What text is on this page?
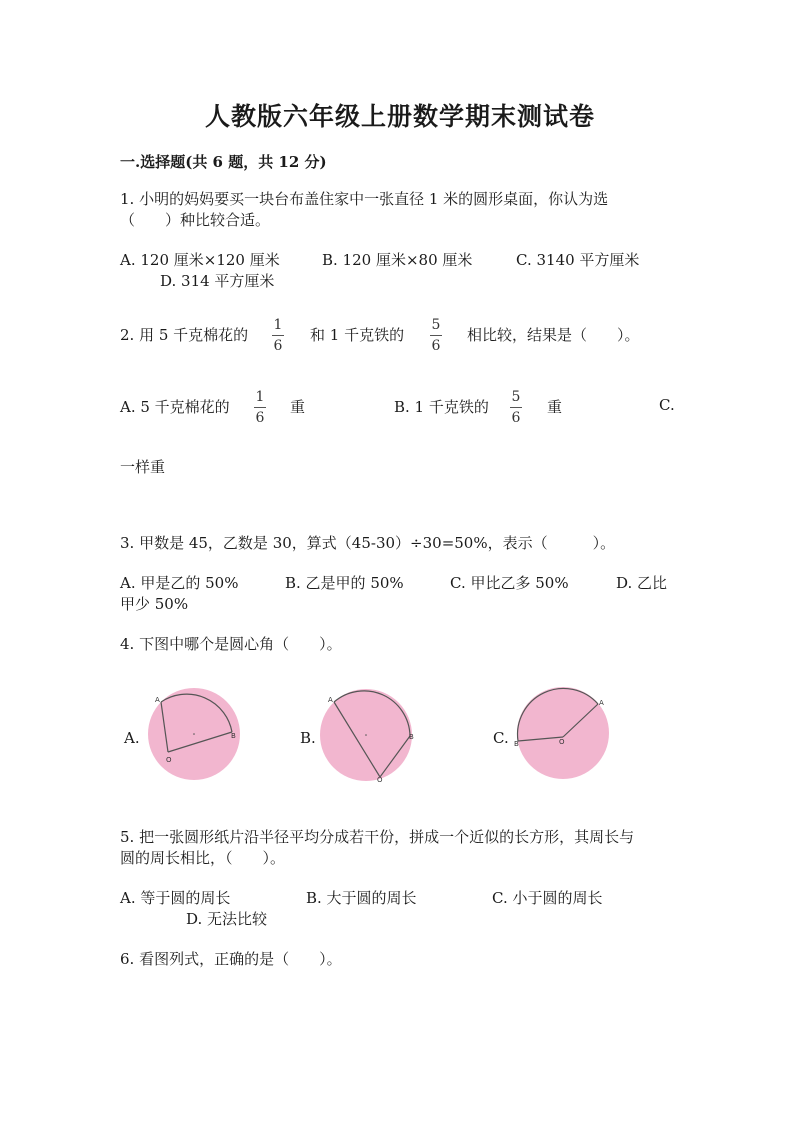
人教版六年级上册数学期末测试卷
一.选择题(共 6 题，共 12 分)
1. 小明的妈妈要买一块台布盖住家中一张直径 1 米的圆形桌面，你认为选
（　　）种比较合适。
A. 120 厘米×120 厘米	B. 120 厘米×80 厘米	C. 3140 平方厘米
D. 314 平方厘米
2. 用 5 千克棉花的
1
6
和 1 千克铁的
5
6
相比较，结果是（　　）。
A. 5 千克棉花的
1
6
重	B. 1 千克铁的
5
6
重	C.
一样重
3. 甲数是 45，乙数是 30，算式（45-30）÷30=50%，表示（　　　）。
A. 甲是乙的 50%	B. 乙是甲的 50%	C. 甲比乙多 50%	D. 乙比
甲少 50%
4. 下图中哪个是圆心角（　　）。
A.
A
B
O
B.
A
B
O
C.
A
B	O
5. 把一张圆形纸片沿半径平均分成若干份，拼成一个近似的长方形，其周长与
圆的周长相比，（　　）。
A. 等于圆的周长	B. 大于圆的周长	C. 小于圆的周长
D. 无法比较
6. 看图列式，正确的是（　　）。
